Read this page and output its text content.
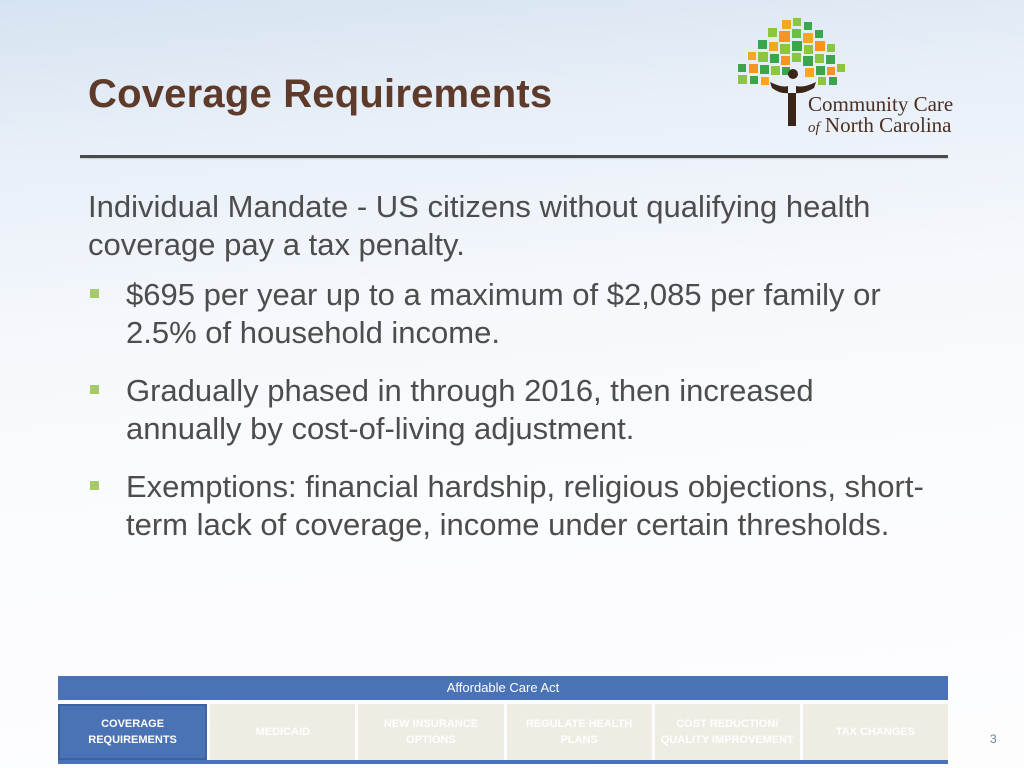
Coverage Requirements	Community Care
of North Carolina

Individual Mandate - US citizens without qualifying health coverage pay a tax penalty.

$695 per year up to a maximum of $2,085 per family or 2.5% of household income.
Gradually phased in through 2016, then increased annually by cost-of-living adjustment.
Exemptions: financial hardship, religious objections, short-term lack of coverage, income under certain thresholds.
Affordable Care Act
COVERAGE REQUIREMENTS
MEDICAID
NEW INSURANCE OPTIONS
REGULATE HEALTH PLANS
COST REDUCTION/ QUALITY IMPROVEMENT
TAX CHANGES	3
